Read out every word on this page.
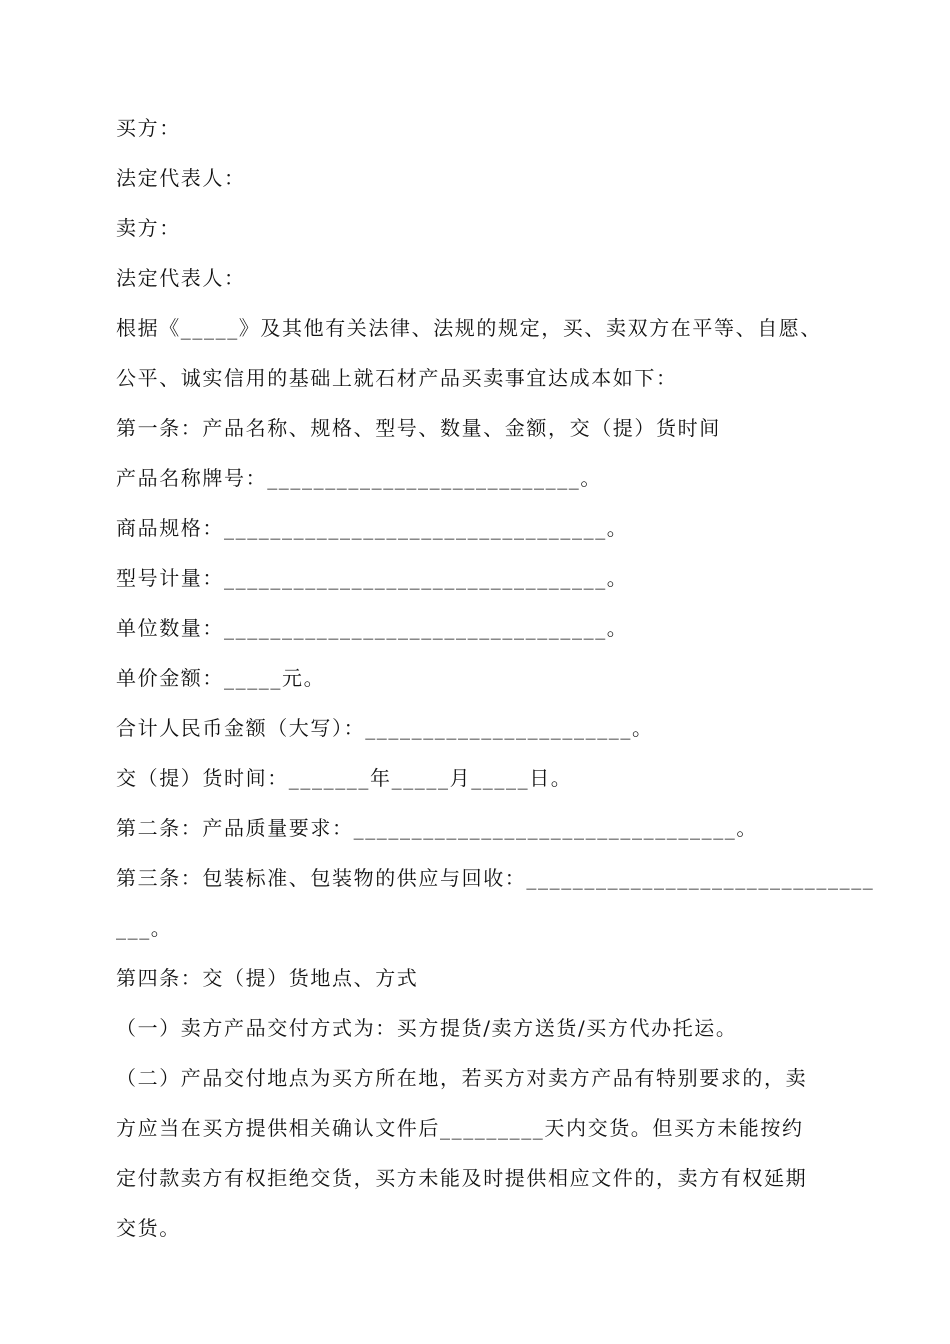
买方：
法定代表人：
卖方：
法定代表人：
根据《_____》及其他有关法律、法规的规定，买、卖双方在平等、自愿、
公平、诚实信用的基础上就石材产品买卖事宜达成本如下：
第一条：产品名称、规格、型号、数量、金额，交（提）货时间
产品名称牌号：___________________________。
商品规格：_________________________________。
型号计量：_________________________________。
单位数量：_________________________________。
单价金额：_____元。
合计人民币金额（大写）：_______________________。
交（提）货时间：_______年_____月_____日。
第二条：产品质量要求：_________________________________。
第三条：包装标准、包装物的供应与回收：______________________________
___。
第四条：交（提）货地点、方式
（一）卖方产品交付方式为：买方提货/卖方送货/买方代办托运。
（二）产品交付地点为买方所在地，若买方对卖方产品有特别要求的，卖
方应当在买方提供相关确认文件后_________天内交货。但买方未能按约
定付款卖方有权拒绝交货，买方未能及时提供相应文件的，卖方有权延期
交货。
